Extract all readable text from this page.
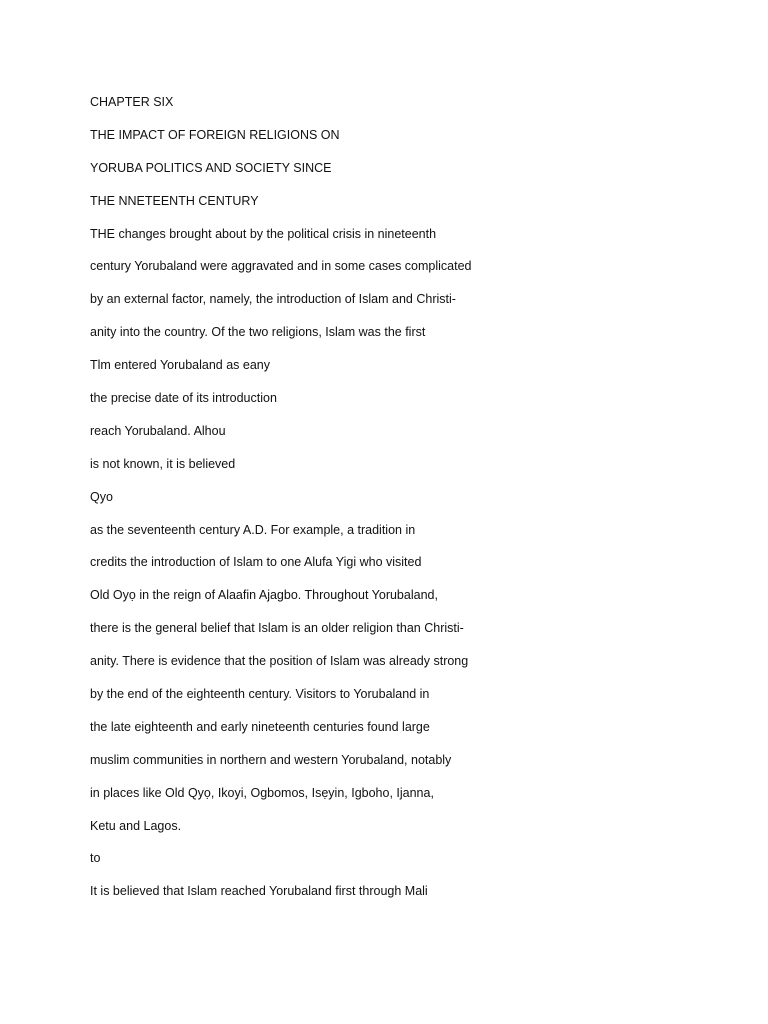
CHAPTER SIX
THE IMPACT OF FOREIGN RELIGIONS ON
YORUBA POLITICS AND SOCIETY SINCE
THE NNETEENTH CENTURY
THE changes brought about by the political crisis in nineteenth
century Yorubaland were aggravated and in some cases complicated
by an external factor, namely, the introduction of Islam and Christi-
anity into the country. Of the two religions, Islam was the first
Tlm entered Yorubaland as eany
the precise date of its introduction
reach Yorubaland. Alhou
is not known, it is believed
Qyo
as the seventeenth century A.D. For example, a tradition in
credits the introduction of Islam to one Alufa Yigi who visited
Old Oyọ in the reign of Alaafin Ajagbo. Throughout Yorubaland,
there is the general belief that Islam is an older religion than Christi-
anity. There is evidence that the position of Islam was already strong
by the end of the eighteenth century. Visitors to Yorubaland in
the late eighteenth and early nineteenth centuries found large
muslim communities in northern and western Yorubaland, notably
in places like Old Qyọ, Ikoyi, Ogbomos, Isẹyin, Igboho, Ijanna,
Ketu and Lagos.
to
It is believed that Islam reached Yorubaland first through Mali
